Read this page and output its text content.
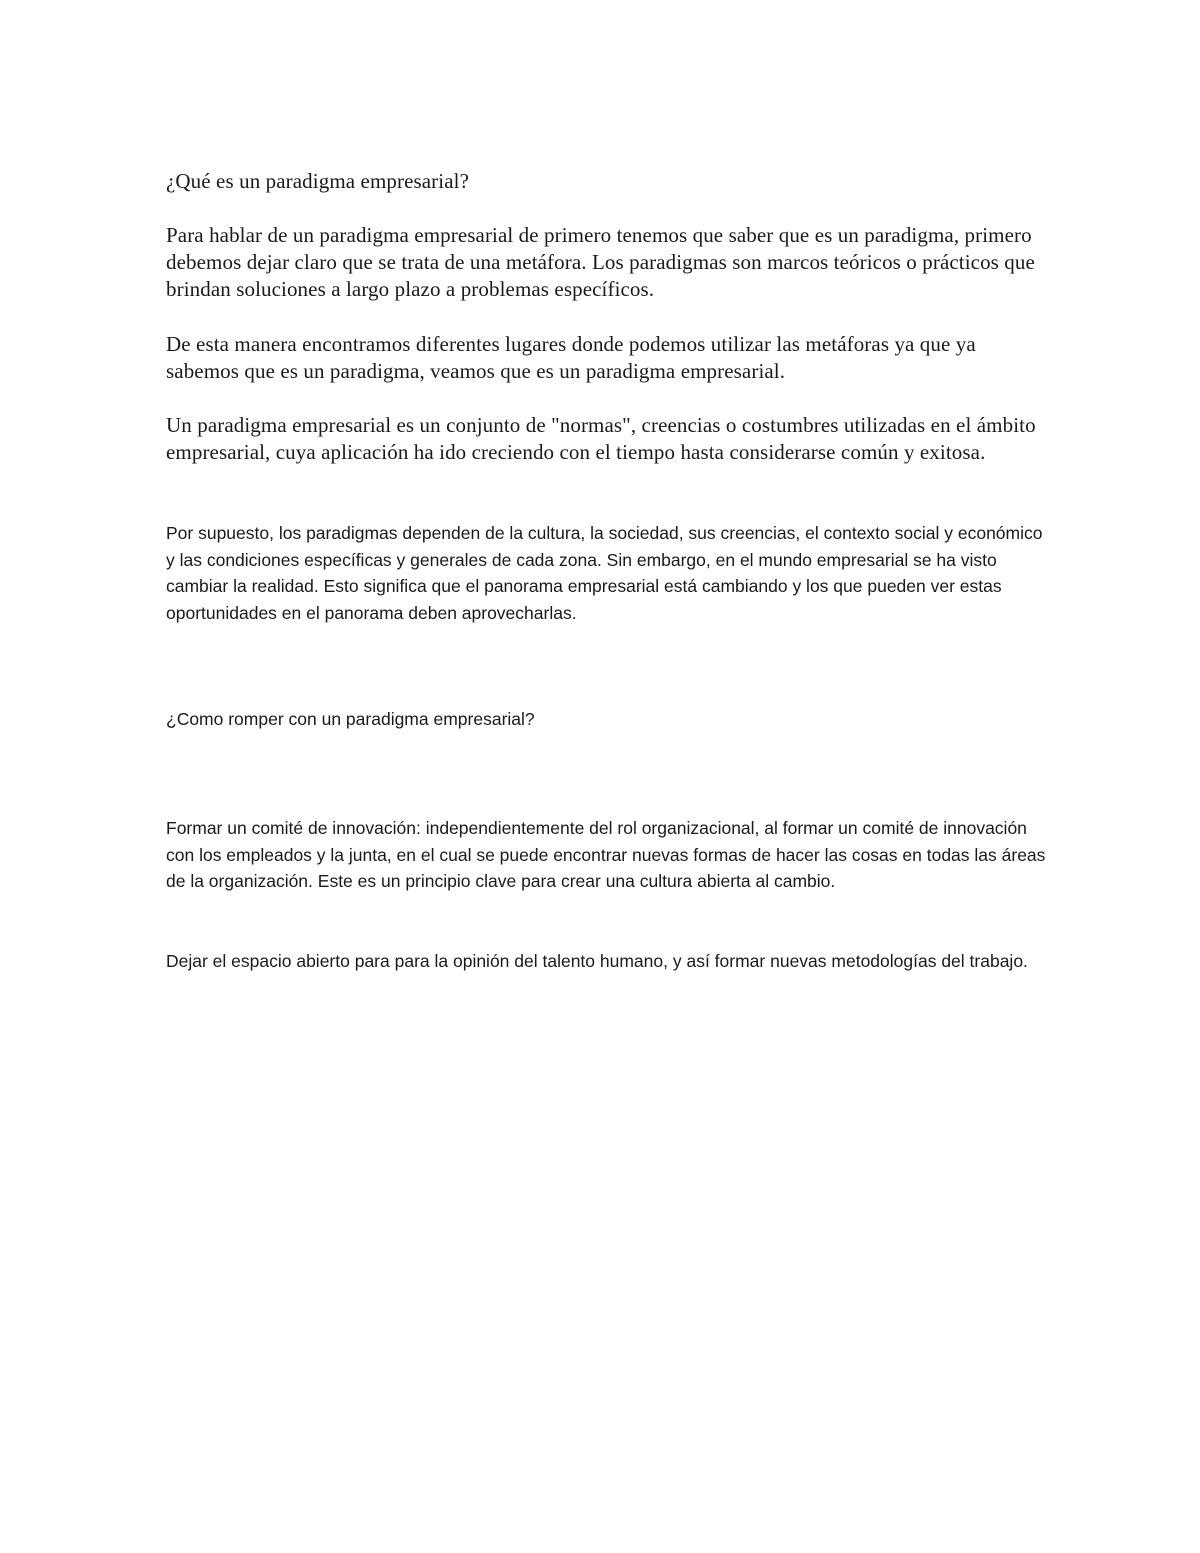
¿Qué es un paradigma empresarial?

Para hablar de un paradigma empresarial de primero tenemos que saber que es un paradigma, primero debemos dejar claro que se trata de una metáfora. Los paradigmas son marcos teóricos o prácticos que brindan soluciones a largo plazo a problemas específicos.

De esta manera encontramos diferentes lugares donde podemos utilizar las metáforas ya que ya sabemos que es un paradigma, veamos que es un paradigma empresarial.

Un paradigma empresarial es un conjunto de "normas", creencias o costumbres utilizadas en el ámbito empresarial, cuya aplicación ha ido creciendo con el tiempo hasta considerarse común y exitosa.

Por supuesto, los paradigmas dependen de la cultura, la sociedad, sus creencias, el contexto social y económico y las condiciones específicas y generales de cada zona. Sin embargo, en el mundo empresarial se ha visto cambiar la realidad. Esto significa que el panorama empresarial está cambiando y los que pueden ver estas oportunidades en el panorama deben aprovecharlas.

¿Como romper con un paradigma empresarial?

Formar un comité de innovación: independientemente del rol organizacional, al formar un comité de innovación con los empleados y la junta, en el cual se puede encontrar nuevas formas de hacer las cosas en todas las áreas de la organización. Este es un principio clave para crear una cultura abierta al cambio.

Dejar el espacio abierto para para la opinión del talento humano, y así formar nuevas metodologías del trabajo.
